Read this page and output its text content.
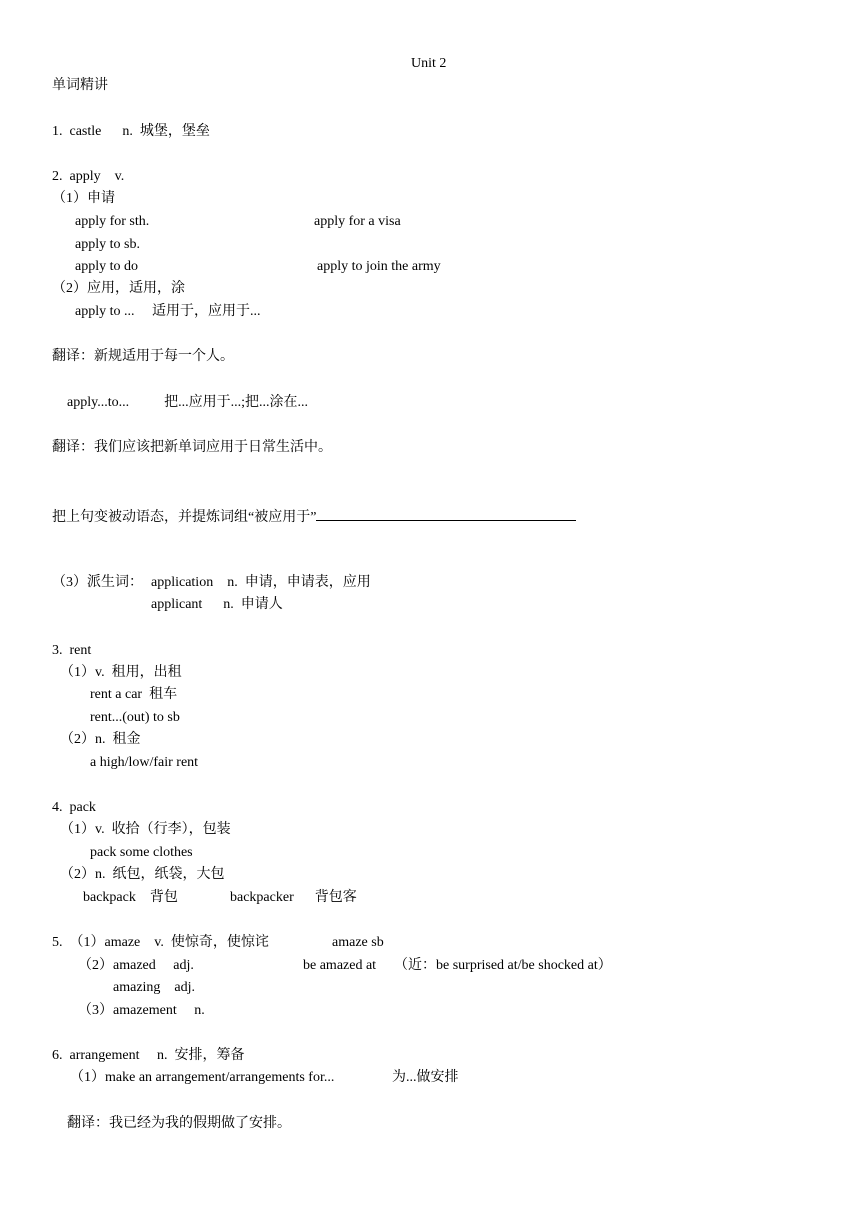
Unit 2
单词精讲
1.  castle      n.  城堡，堡垒
2.  apply    v.
（1）申请
apply for sth.	apply for a visa
apply to sb.
apply to do	apply to join the army
（2）应用，适用，涂
apply to ...     适用于，应用于...
翻译：新规适用于每一个人。
apply...to...          把...应用于...;把...涂在...
翻译：我们应该把新单词应用于日常生活中。
把上句变被动语态，并提炼词组“被应用于”
（3）派生词： application    n.  申请，申请表，应用
applicant      n.  申请人
3.  rent
（1）v.  租用，出租
rent a car  租车
rent...(out) to sb
（2）n.  租金
a high/low/fair rent
4.  pack
（1）v.  收拾（行李），包装
pack some clothes
（2）n.  纸包，纸袋，大包
backpack    背包	backpacker      背包客
5.  （1）amaze    v.  使惊奇，使惊诧	amaze sb
（2）amazed     adj.	be amazed at （近：be surprised at/be shocked at）
amazing    adj.
（3）amazement     n.
6.  arrangement     n.  安排，筹备
（1）make an arrangement/arrangements for...	为...做安排
翻译：我已经为我的假期做了安排。
